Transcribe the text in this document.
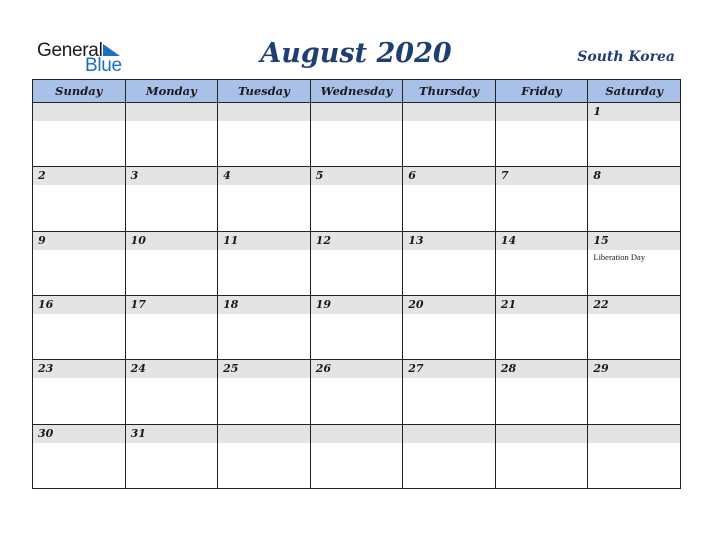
General
Blue	August 2020	South Korea
Sunday	Monday	Tuesday	Wednesday	Thursday	Friday	Saturday

						1

2	3	4	5	6	7	8

9	10	11	12	13	14	15
Liberation Day

16	17	18	19	20	21	22

23	24	25	26	27	28	29

30	31					
